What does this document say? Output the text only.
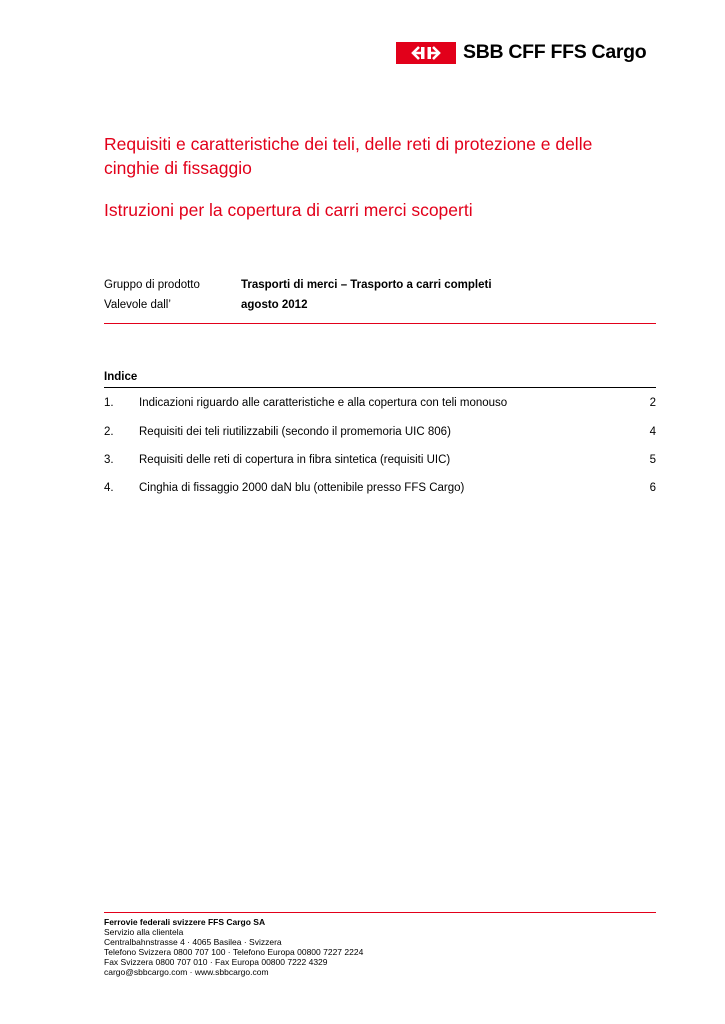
SBB CFF FFS Cargo
Requisiti e caratteristiche dei teli, delle reti di protezione e delle cinghie di fissaggio
Istruzioni per la copertura di carri merci scoperti
Gruppo di prodotto	Trasporti di merci – Trasporto a carri completi
Valevole dall’	agosto 2012
Indice
1. Indicazioni riguardo alle caratteristiche e alla copertura con teli monouso	2
2. Requisiti dei teli riutilizzabili (secondo il promemoria UIC 806)	4
3. Requisiti delle reti di copertura in fibra sintetica (requisiti UIC)	5
4. Cinghia di fissaggio 2000 daN blu (ottenibile presso FFS Cargo)	6
Ferrovie federali svizzere FFS Cargo SA
Servizio alla clientela
Centralbahnstrasse 4 · 4065 Basilea · Svizzera
Telefono Svizzera 0800 707 100 · Telefono Europa 00800 7227 2224
Fax Svizzera 0800 707 010 · Fax Europa 00800 7222 4329
cargo@sbbcargo.com · www.sbbcargo.com
